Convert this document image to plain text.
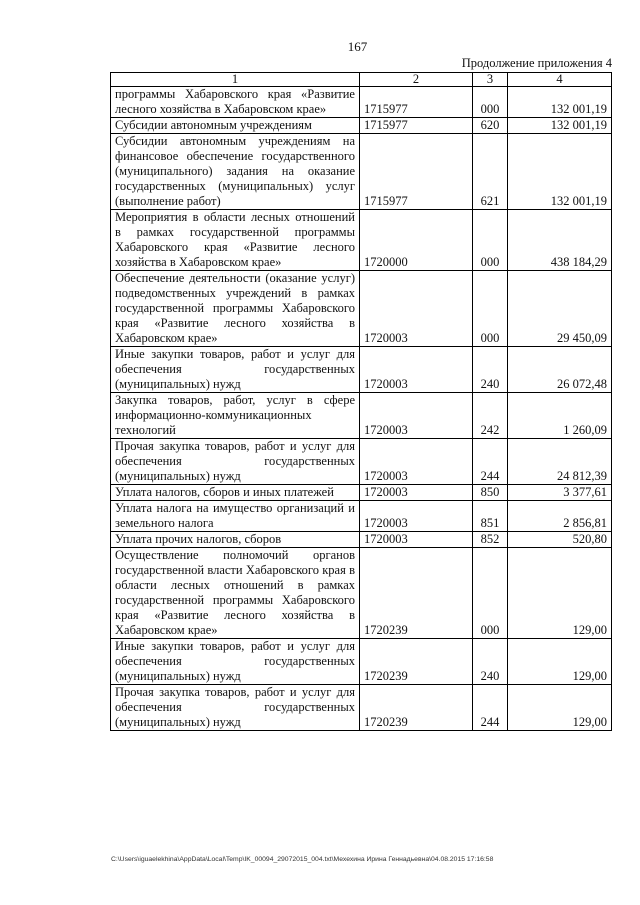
167
Продолжение приложения 4
1	2	3	4
программы Хабаровского края «Развитие лесного хозяйства в Хабаровском крае»	1715977	000	132 001,19
Субсидии автономным учреждениям	1715977	620	132 001,19
Субсидии автономным учреждениям на финансовое обеспечение государственного (муниципального) задания на оказание государственных (муниципальных) услуг (выполнение работ)	1715977	621	132 001,19
Мероприятия в области лесных отношений в рамках государственной программы Хабаровского края «Развитие лесного хозяйства в Хабаровском крае»	1720000	000	438 184,29
Обеспечение деятельности (оказание услуг) подведомственных учреждений в рамках государственной программы Хабаровского края «Развитие лесного хозяйства в Хабаровском крае»	1720003	000	29 450,09
Иные закупки товаров, работ и услуг для обеспечения государственных (муниципальных) нужд	1720003	240	26 072,48
Закупка товаров, работ, услуг в сфере информационно-коммуникационных технологий	1720003	242	1 260,09
Прочая закупка товаров, работ и услуг для обеспечения государственных (муниципальных) нужд	1720003	244	24 812,39
Уплата налогов, сборов и иных платежей	1720003	850	3 377,61
Уплата налога на имущество организаций и земельного налога	1720003	851	2 856,81
Уплата прочих налогов, сборов	1720003	852	520,80
Осуществление полномочий органов государственной власти Хабаровского края в области лесных отношений в рамках государственной программы Хабаровского края «Развитие лесного хозяйства в Хабаровском крае»	1720239	000	129,00
Иные закупки товаров, работ и услуг для обеспечения государственных (муниципальных) нужд	1720239	240	129,00
Прочая закупка товаров, работ и услуг для обеспечения государственных (муниципальных) нужд	1720239	244	129,00
C:\Users\iguaelekhina\AppData\Local\Temp\IK_00094_29072015_004.txt\Мехехина Ирина Геннадьевна\04.08.2015 17:16:58
